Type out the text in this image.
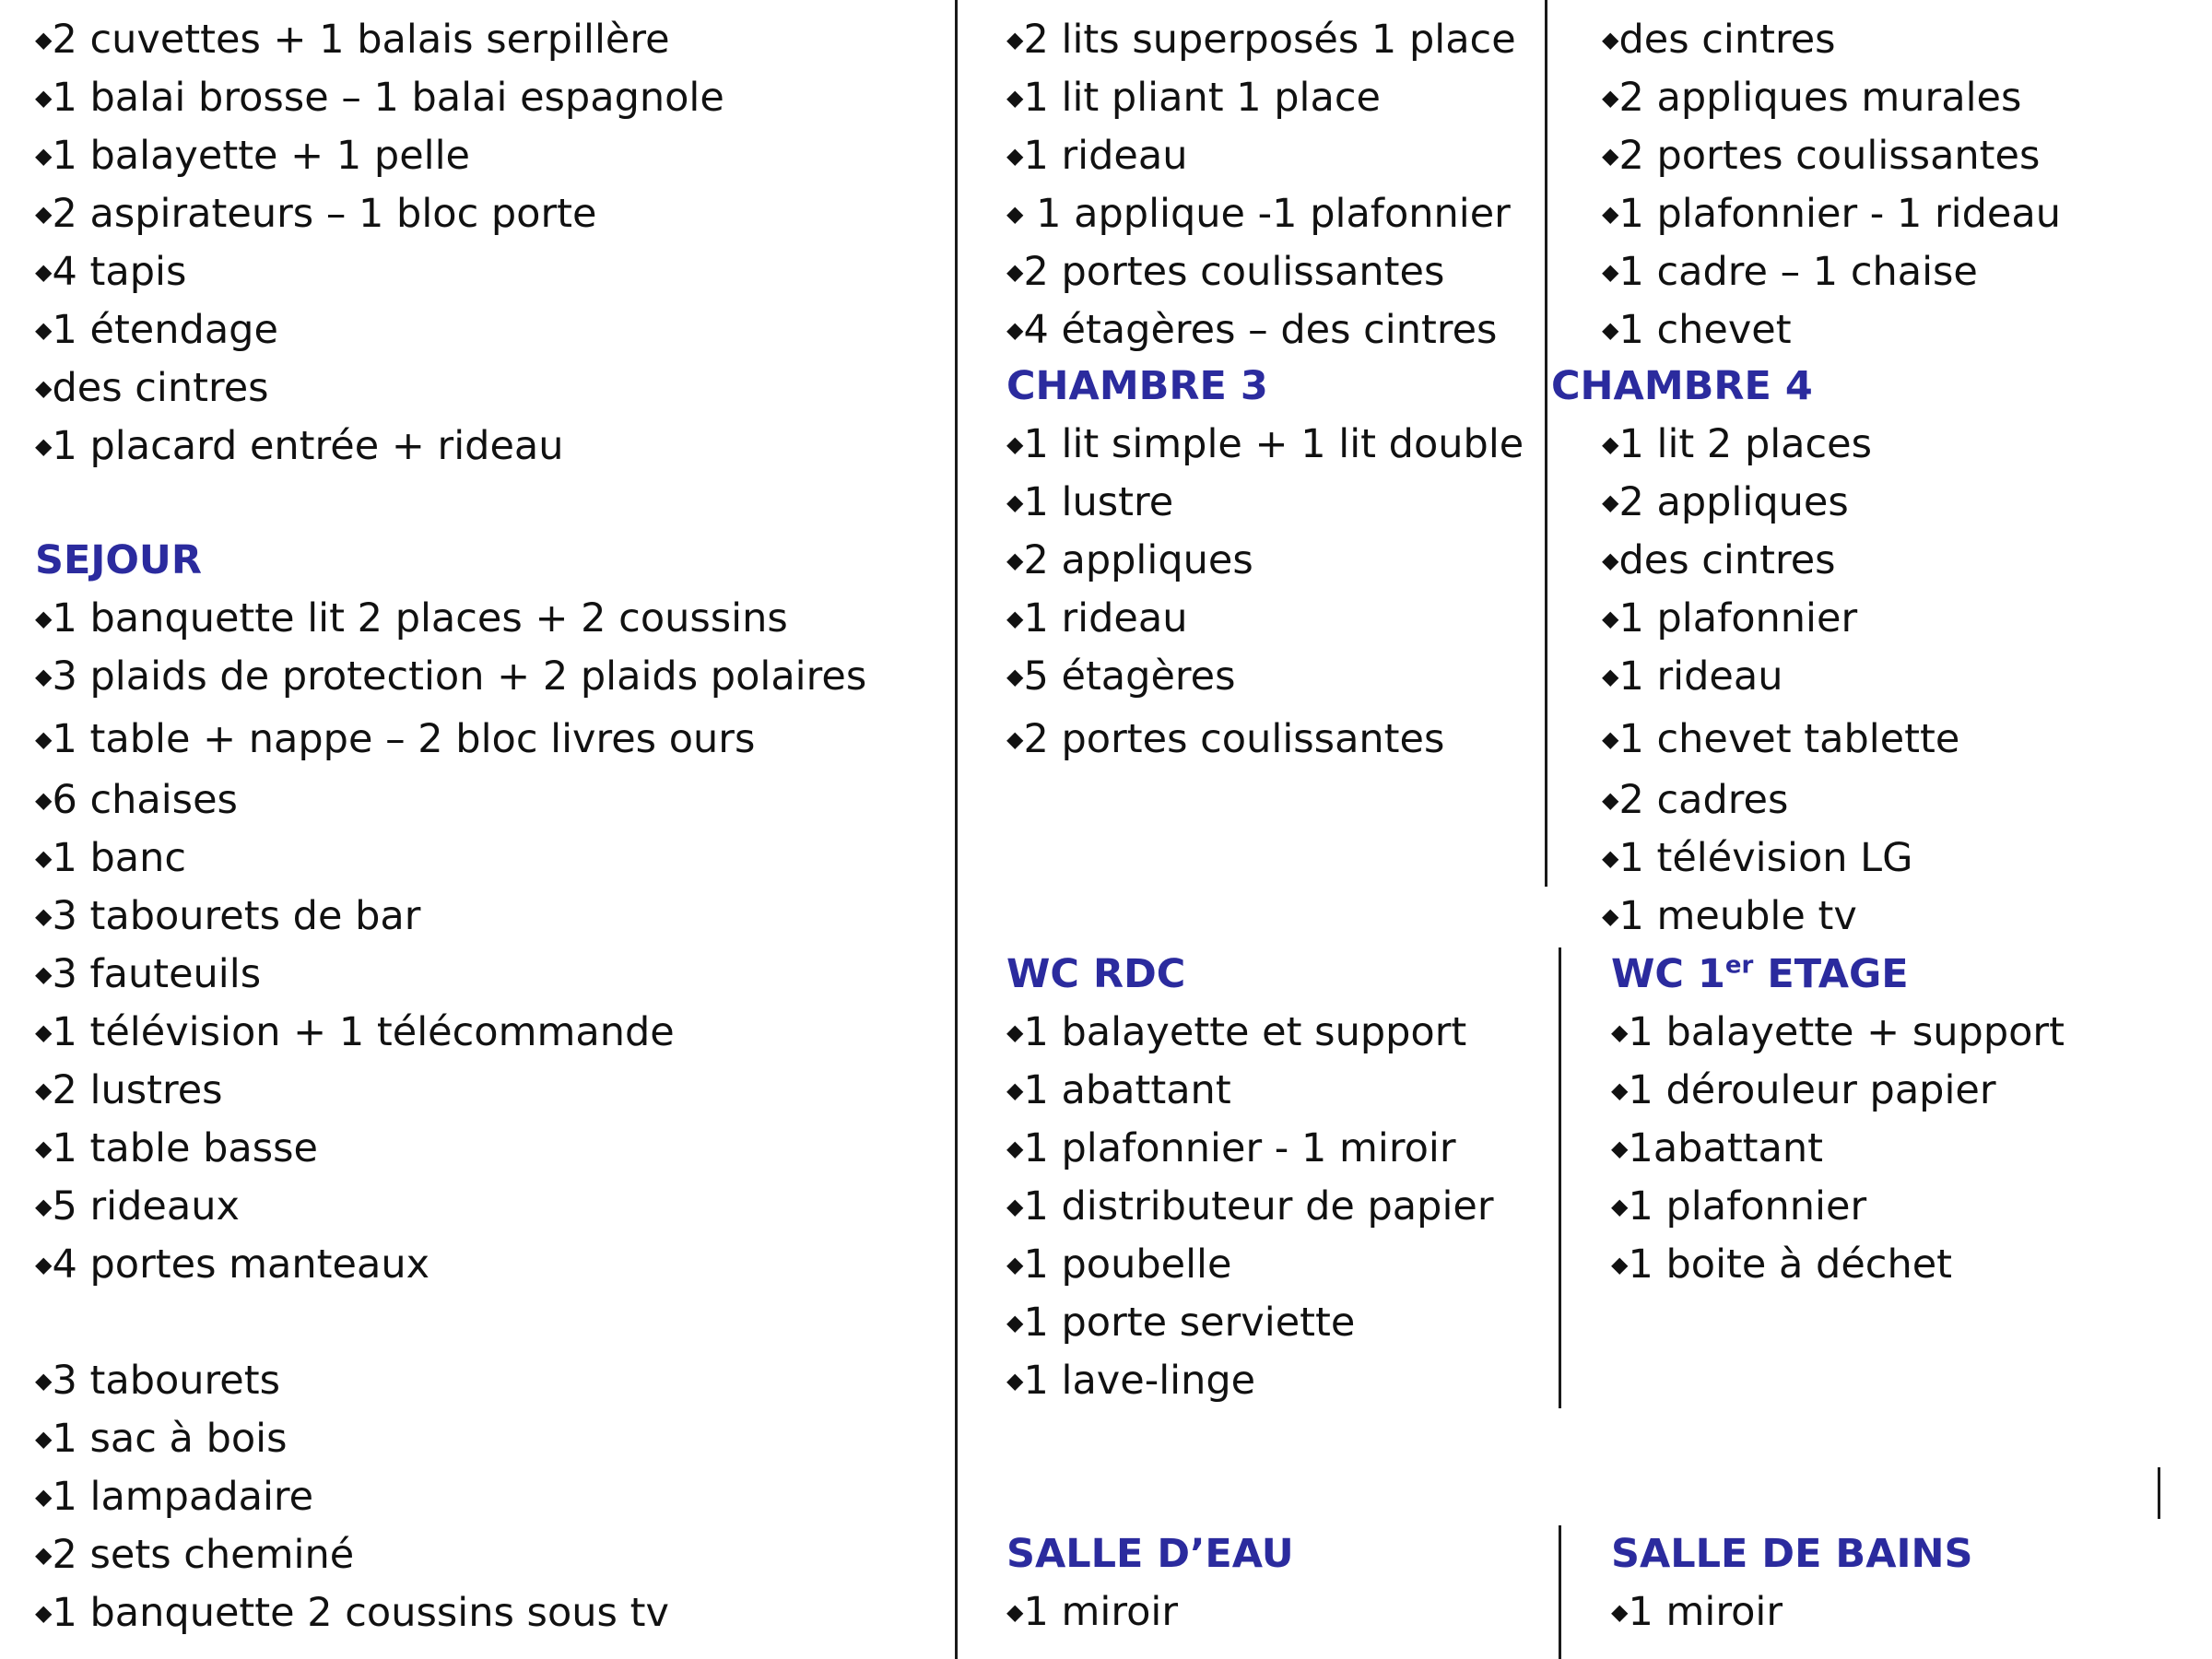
SEJOUR
CHAMBRE 3
WC RDC
SALLE D’EAU
CHAMBRE 4
WC 1er ETAGE
SALLE DE BAINS
◆2 cuvettes + 1 balais serpillère
◆1 balai brosse – 1 balai espagnole
◆1 balayette + 1 pelle
◆2 aspirateurs – 1 bloc porte
◆4 tapis
◆1 étendage
◆des cintres
◆1 placard entrée + rideau
◆1 banquette lit 2 places + 2 coussins
◆3 plaids de protection + 2 plaids polaires
◆1 table + nappe – 2 bloc livres ours
◆6 chaises
◆1 banc
◆3 tabourets de bar
◆3 fauteuils
◆1 télévision + 1 télécommande
◆2 lustres
◆1 table basse
◆5 rideaux
◆4 portes manteaux
◆3 tabourets
◆1 sac à bois
◆1 lampadaire
◆2 sets cheminé
◆1 banquette 2 coussins sous tv
◆2 lits superposés 1 place
◆1 lit pliant 1 place
◆1 rideau
◆ 1 applique -1 plafonnier
◆2 portes coulissantes
◆4 étagères – des cintres
◆1 lit simple + 1 lit double
◆1 lustre
◆2 appliques
◆1 rideau
◆5 étagères
◆2 portes coulissantes
◆1 balayette et support
◆1 abattant
◆1 plafonnier - 1 miroir
◆1 distributeur de papier
◆1 poubelle
◆1 porte serviette
◆1 lave-linge
◆1 miroir
◆des cintres
◆2 appliques murales
◆2 portes coulissantes
◆1 plafonnier - 1 rideau
◆1 cadre – 1 chaise
◆1 chevet
◆1 lit 2 places
◆2 appliques
◆des cintres
◆1 plafonnier
◆1 rideau
◆1 chevet tablette
◆2 cadres
◆1 télévision LG
◆1 meuble tv
◆1 balayette + support
◆1 dérouleur papier
◆1abattant
◆1 plafonnier
◆1 boite à déchet
◆1 miroir
